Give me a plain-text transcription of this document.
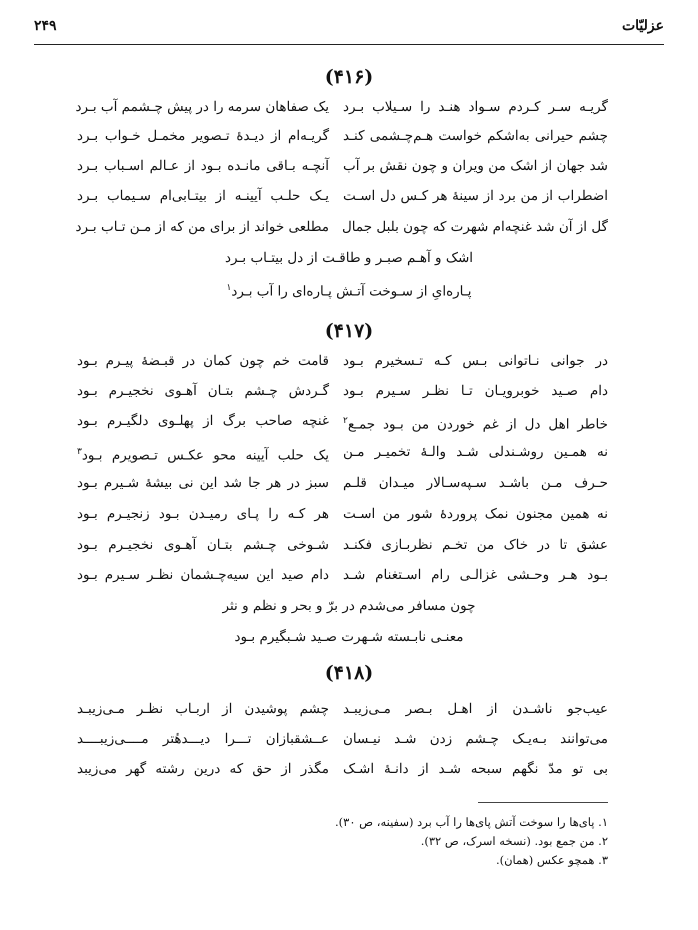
۲۴۹	عزلیّات
(۴۱۶)
گریـه سـر کـردم سـواد هنـد را سـیلاب بـرد
یک صفاهان سرمه را در پیش چـشمم آب بـرد
چشم حیرانی به‌اشکم خواست هـم‌چـشمی کنـد
گریـه‌ام از دیـدهٔ تـصویر مخمـل خـواب بـرد
شد جهان از اشک من ویران و چون نقش بر آب
آنچـه بـاقی مانـده بـود از عـالم اسـباب بـرد
اضطراب از من برد از سینهٔ هر کـس دل اسـت
یـک حلـب آیینـه از بیتـابی‌ام سـیماب بـرد
گل از آن شد غنچه‌ام شهرت که چون بلبل جمال
مطلعی خواند از برای من که از مـن تـاب بـرد
اشک و آهـم صبـر و طاقـت از دل بیتـاب بـرد
پـاره‌ایِ از سـوخت آتـش پـاره‌ای را آب بـرد$^۱$
(۴۱۷)
در جوانی نـاتوانی بـس کـه تـسخیرم بـود
قامت خم چون کمان در قبـضهٔ پیـرم بـود
دام صـید خوبرویـان تـا نظـر سـیرم بـود
گـردش چـشم بتـان آهـوی نخجیـرم بـود
خاطر اهل دل از غم خوردن من بـود جمـع$^۲$
غنچه صاحب برگ از پهلـوی دلگیـرم بـود
نه همـین روشـندلی شـد والـهٔ تخمیـر مـن
یک حلب آیینه محو عکـس تـصویرم بـود$^۳$
حـرف مـن باشـد سـپه‌سـالار میـدان قلـم
سبز در هر جا شد این نی بیشهٔ شـیرم بـود
نه همین مجنون نمک پروردهٔ شور من اسـت
هر کـه را پـای رمیـدن بـود زنجیـرم بـود
عشق تا در خاک من تخـم نظربـازی فکنـد
شـوخی چـشم بتـان آهـوی نخجیـرم بـود
بـود هـر وحـشی غزالـی رام اسـتغنام شـد
دام صید این سیه‌چـشمان نظـر سـیرم بـود
چون مسافر می‌شدم در برّ و بحر و نظم و نثر
معنـی نابـسته شـهرت صـید شـبگیرم بـود
(۴۱۸)
عیب‌جو ناشـدن از اهـل بـصر مـی‌زیبـد
چشم پوشیدن از اربـاب نظـر مـی‌زیبـد
می‌توانند بـه‌یـک چـشم زدن شـد نیـسان
عــشقبازان تـــرا دیـــدهٔتر مــــی‌زیبــــد
بی تو مدّ نگهم سبحه شـد از دانـهٔ اشـک
مگذر از حق که درین رشته گهر می‌زیبد
۱. پای‌ها را سوخت آتش پای‌ها را آب برد (سفینه، ص ۳۰).
۲. من جمع بود. (نسخه اسرک، ص ۳۲).
۳. همچو عکس (همان).
